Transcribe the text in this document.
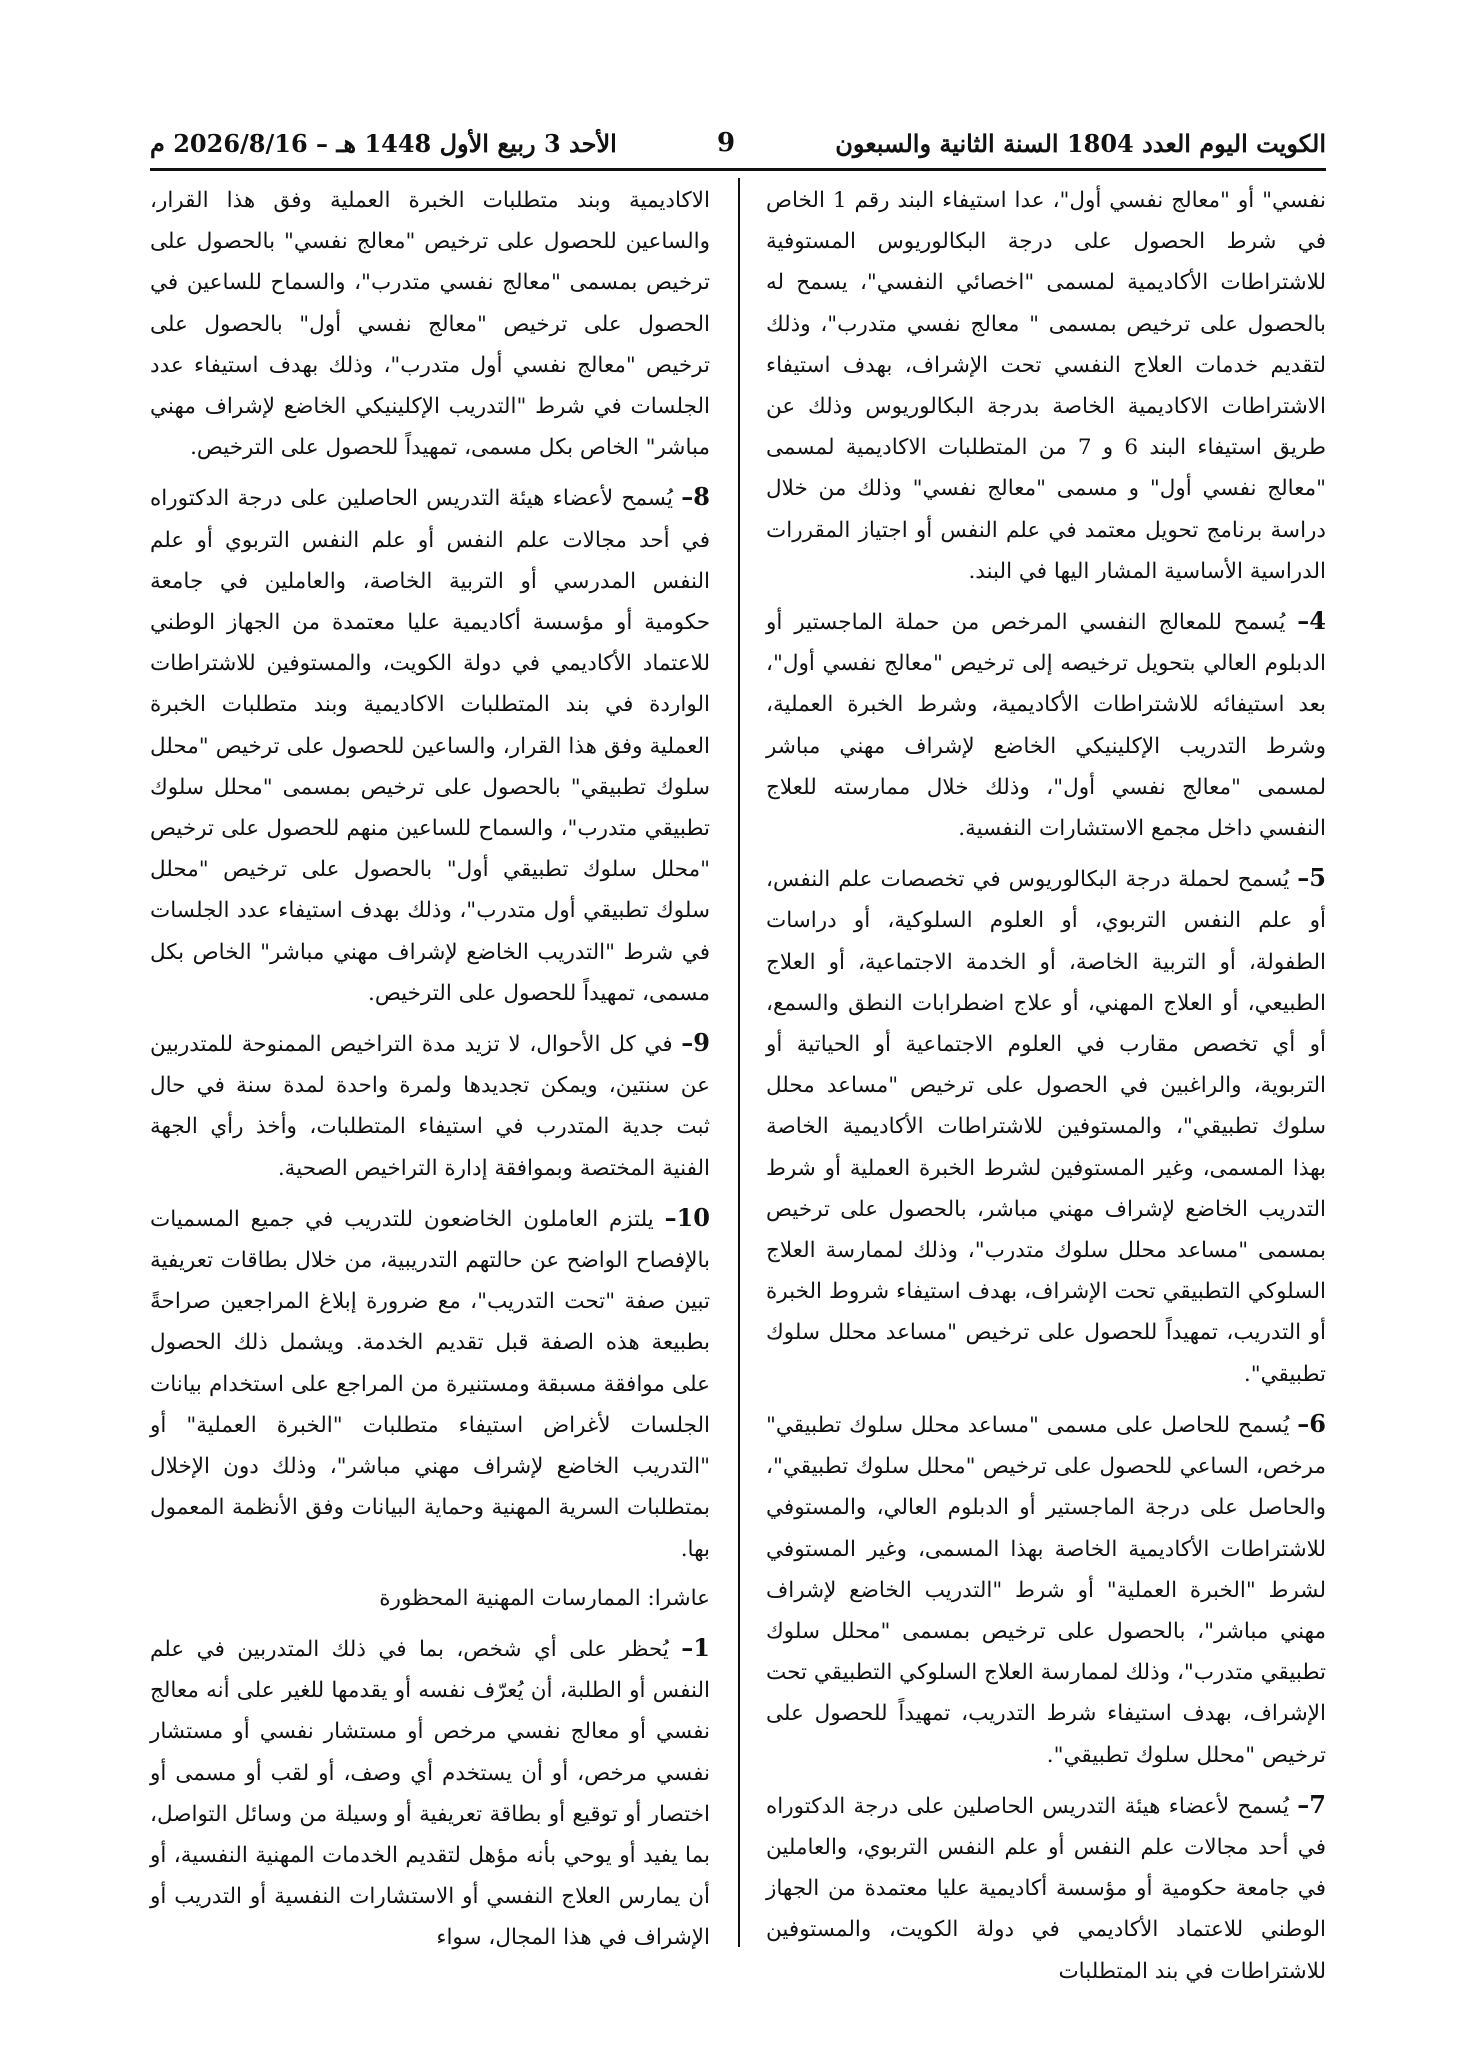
الكويت اليوم العدد 1804 السنة الثانية والسبعون
9
الأحد 3 ربيع الأول 1448 هـ – 2026/8/16 م

نفسي" أو "معالج نفسي أول"، عدا استيفاء البند رقم 1 الخاص في شرط الحصول على درجة البكالوريوس المستوفية للاشتراطات الأكاديمية لمسمى "اخصائي النفسي"، يسمح له بالحصول على ترخيص بمسمى " معالج نفسي متدرب"، وذلك لتقديم خدمات العلاج النفسي تحت الإشراف، بهدف استيفاء الاشتراطات الاكاديمية الخاصة بدرجة البكالوريوس وذلك عن طريق استيفاء البند 6 و 7 من المتطلبات الاكاديمية لمسمى "معالج نفسي أول" و مسمى "معالج نفسي" وذلك من خلال دراسة برنامج تحويل معتمد في علم النفس أو اجتياز المقررات الدراسية الأساسية المشار اليها في البند.

4– يُسمح للمعالج النفسي المرخص من حملة الماجستير أو الدبلوم العالي بتحويل ترخيصه إلى ترخيص "معالج نفسي أول"، بعد استيفائه للاشتراطات الأكاديمية، وشرط الخبرة العملية، وشرط التدريب الإكلينيكي الخاضع لإشراف مهني مباشر لمسمى "معالج نفسي أول"، وذلك خلال ممارسته للعلاج النفسي داخل مجمع الاستشارات النفسية.

5– يُسمح لحملة درجة البكالوريوس في تخصصات علم النفس، أو علم النفس التربوي، أو العلوم السلوكية، أو دراسات الطفولة، أو التربية الخاصة، أو الخدمة الاجتماعية، أو العلاج الطبيعي، أو العلاج المهني، أو علاج اضطرابات النطق والسمع، أو أي تخصص مقارب في العلوم الاجتماعية أو الحياتية أو التربوية، والراغبين في الحصول على ترخيص "مساعد محلل سلوك تطبيقي"، والمستوفين للاشتراطات الأكاديمية الخاصة بهذا المسمى، وغير المستوفين لشرط الخبرة العملية أو شرط التدريب الخاضع لإشراف مهني مباشر، بالحصول على ترخيص بمسمى "مساعد محلل سلوك متدرب"، وذلك لممارسة العلاج السلوكي التطبيقي تحت الإشراف، بهدف استيفاء شروط الخبرة أو التدريب، تمهيداً للحصول على ترخيص "مساعد محلل سلوك تطبيقي".

6– يُسمح للحاصل على مسمى "مساعد محلل سلوك تطبيقي" مرخص، الساعي للحصول على ترخيص "محلل سلوك تطبيقي"، والحاصل على درجة الماجستير أو الدبلوم العالي، والمستوفي للاشتراطات الأكاديمية الخاصة بهذا المسمى، وغير المستوفي لشرط "الخبرة العملية" أو شرط "التدريب الخاضع لإشراف مهني مباشر"، بالحصول على ترخيص بمسمى "محلل سلوك تطبيقي متدرب"، وذلك لممارسة العلاج السلوكي التطبيقي تحت الإشراف، بهدف استيفاء شرط التدريب، تمهيداً للحصول على ترخيص "محلل سلوك تطبيقي".

7– يُسمح لأعضاء هيئة التدريس الحاصلين على درجة الدكتوراه في أحد مجالات علم النفس أو علم النفس التربوي، والعاملين في جامعة حكومية أو مؤسسة أكاديمية عليا معتمدة من الجهاز الوطني للاعتماد الأكاديمي في دولة الكويت، والمستوفين للاشتراطات في بند المتطلبات

الاكاديمية وبند متطلبات الخبرة العملية وفق هذا القرار، والساعين للحصول على ترخيص "معالج نفسي" بالحصول على ترخيص بمسمى "معالج نفسي متدرب"، والسماح للساعين في الحصول على ترخيص "معالج نفسي أول" بالحصول على ترخيص "معالج نفسي أول متدرب"، وذلك بهدف استيفاء عدد الجلسات في شرط "التدريب الإكلينيكي الخاضع لإشراف مهني مباشر" الخاص بكل مسمى، تمهيداً للحصول على الترخيص.

8– يُسمح لأعضاء هيئة التدريس الحاصلين على درجة الدكتوراه في أحد مجالات علم النفس أو علم النفس التربوي أو علم النفس المدرسي أو التربية الخاصة، والعاملين في جامعة حكومية أو مؤسسة أكاديمية عليا معتمدة من الجهاز الوطني للاعتماد الأكاديمي في دولة الكويت، والمستوفين للاشتراطات الواردة في بند المتطلبات الاكاديمية وبند متطلبات الخبرة العملية وفق هذا القرار، والساعين للحصول على ترخيص "محلل سلوك تطبيقي" بالحصول على ترخيص بمسمى "محلل سلوك تطبيقي متدرب"، والسماح للساعين منهم للحصول على ترخيص "محلل سلوك تطبيقي أول" بالحصول على ترخيص "محلل سلوك تطبيقي أول متدرب"، وذلك بهدف استيفاء عدد الجلسات في شرط "التدريب الخاضع لإشراف مهني مباشر" الخاص بكل مسمى، تمهيداً للحصول على الترخيص.

9– في كل الأحوال، لا تزيد مدة التراخيص الممنوحة للمتدربين عن سنتين، ويمكن تجديدها ولمرة واحدة لمدة سنة في حال ثبت جدية المتدرب في استيفاء المتطلبات، وأخذ رأي الجهة الفنية المختصة وبموافقة إدارة التراخيص الصحية.

10– يلتزم العاملون الخاضعون للتدريب في جميع المسميات بالإفصاح الواضح عن حالتهم التدريبية، من خلال بطاقات تعريفية تبين صفة "تحت التدريب"، مع ضرورة إبلاغ المراجعين صراحةً بطبيعة هذه الصفة قبل تقديم الخدمة. ويشمل ذلك الحصول على موافقة مسبقة ومستنيرة من المراجع على استخدام بيانات الجلسات لأغراض استيفاء متطلبات "الخبرة العملية" أو "التدريب الخاضع لإشراف مهني مباشر"، وذلك دون الإخلال بمتطلبات السرية المهنية وحماية البيانات وفق الأنظمة المعمول بها.

عاشرا: الممارسات المهنية المحظورة

1– يُحظر على أي شخص، بما في ذلك المتدربين في علم النفس أو الطلبة، أن يُعرّف نفسه أو يقدمها للغير على أنه معالج نفسي أو معالج نفسي مرخص أو مستشار نفسي أو مستشار نفسي مرخص، أو أن يستخدم أي وصف، أو لقب أو مسمى أو اختصار أو توقيع أو بطاقة تعريفية أو وسيلة من وسائل التواصل، بما يفيد أو يوحي بأنه مؤهل لتقديم الخدمات المهنية النفسية، أو أن يمارس العلاج النفسي أو الاستشارات النفسية أو التدريب أو الإشراف في هذا المجال، سواء
